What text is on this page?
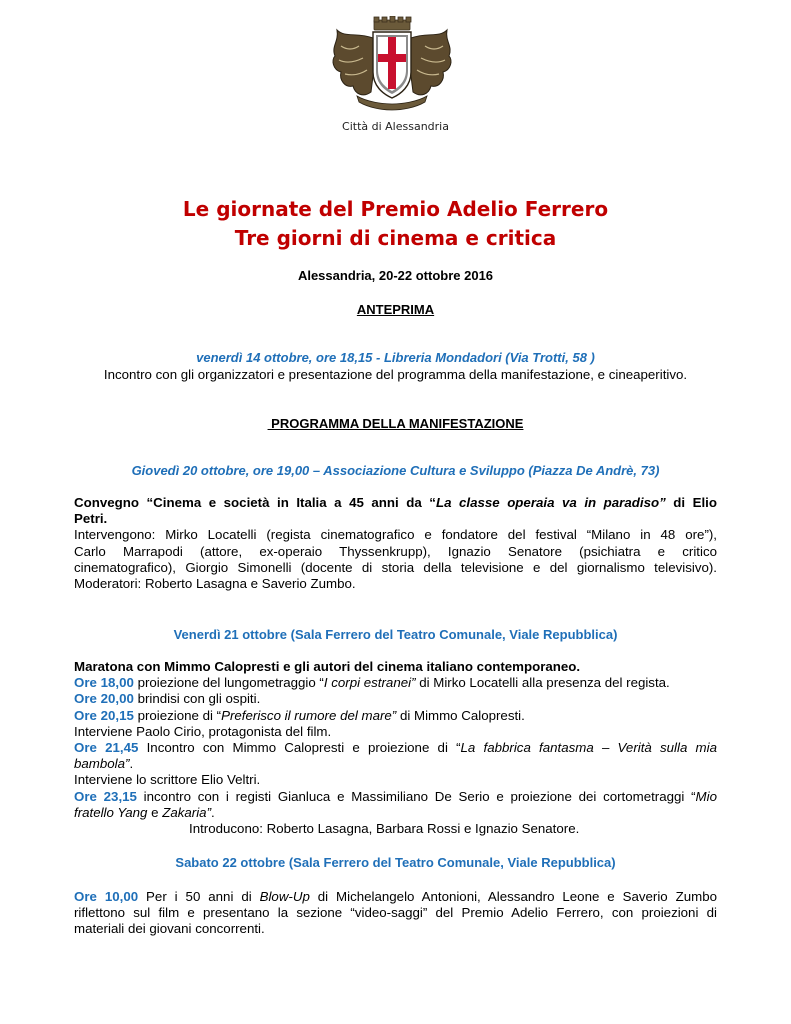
Città di Alessandria
Le giornate del Premio Adelio Ferrero
Tre giorni di cinema e critica
Alessandria, 20-22 ottobre 2016
ANTEPRIMA
venerdì 14 ottobre, ore 18,15 - Libreria Mondadori (Via Trotti, 58 )
Incontro con gli organizzatori e presentazione del programma della manifestazione, e cineaperitivo.
PROGRAMMA DELLA MANIFESTAZIONE
Giovedì 20 ottobre, ore 19,00 – Associazione Cultura e Sviluppo (Piazza De Andrè, 73)
Convegno “Cinema e società in Italia a 45 anni da “La classe operaia va in paradiso” di Elio
Petri.
Intervengono: Mirko Locatelli (regista cinematografico e fondatore del festival “Milano in 48 ore”),
Carlo Marrapodi (attore, ex-operaio Thyssenkrupp), Ignazio Senatore (psichiatra e critico
cinematografico), Giorgio Simonelli (docente di storia della televisione e del giornalismo televisivo).
Moderatori: Roberto Lasagna e Saverio Zumbo.
Venerdì 21 ottobre (Sala Ferrero del Teatro Comunale, Viale Repubblica)
Maratona con Mimmo Calopresti e gli autori del cinema italiano contemporaneo.
Ore 18,00 proiezione del lungometraggio “I corpi estranei” di Mirko Locatelli alla presenza del regista.
Ore 20,00 brindisi con gli ospiti.
Ore 20,15 proiezione di “Preferisco il rumore del mare” di Mimmo Calopresti.
Interviene Paolo Cirio, protagonista del film.
Ore 21,45 Incontro con Mimmo Calopresti e proiezione di “La fabbrica fantasma – Verità sulla mia
bambola”.
Interviene lo scrittore Elio Veltri.
Ore 23,15 incontro con i registi Gianluca e Massimiliano De Serio e proiezione dei cortometraggi “Mio
fratello Yang e Zakaria”.
Introducono: Roberto Lasagna, Barbara Rossi e Ignazio Senatore.
Sabato 22 ottobre (Sala Ferrero del Teatro Comunale, Viale Repubblica)
Ore 10,00 Per i 50 anni di Blow-Up di Michelangelo Antonioni, Alessandro Leone e Saverio Zumbo
riflettono sul film e presentano la sezione “video-saggi” del Premio Adelio Ferrero, con proiezioni di
materiali dei giovani concorrenti.
